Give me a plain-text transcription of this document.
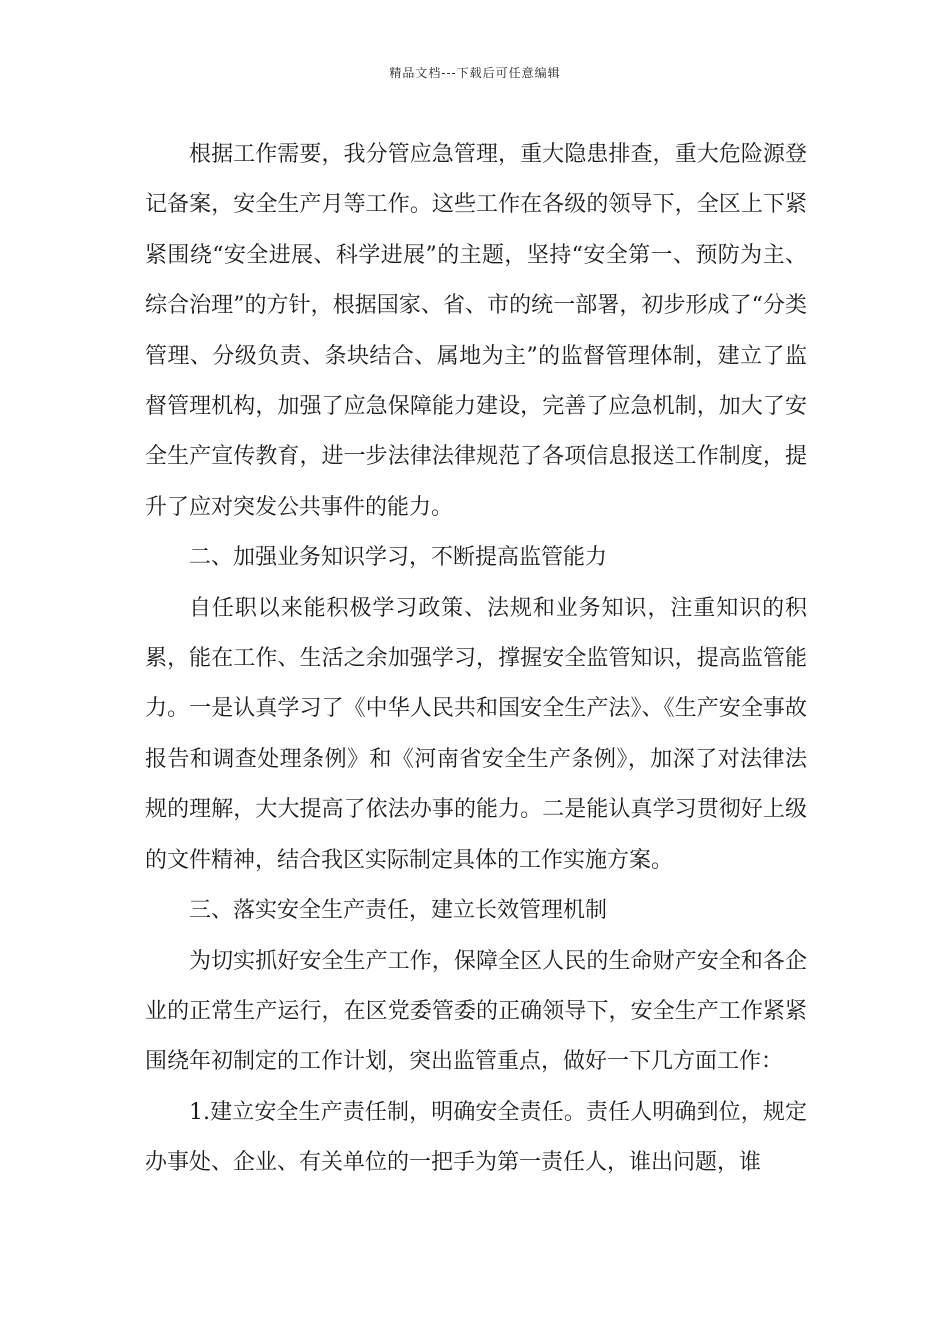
精品文档---下载后可任意编辑

根据工作需要，我分管应急管理，重大隐患排查，重大危险源登记备案，安全生产月等工作。这些工作在各级的领导下，全区上下紧紧围绕“安全进展、科学进展”的主题，坚持“安全第一、预防为主、综合治理”的方针，根据国家、省、市的统一部署，初步形成了“分类管理、分级负责、条块结合、属地为主”的监督管理体制，建立了监督管理机构，加强了应急保障能力建设，完善了应急机制，加大了安全生产宣传教育，进一步法律法律规范了各项信息报送工作制度，提升了应对突发公共事件的能力。

二、加强业务知识学习，不断提高监管能力

自任职以来能积极学习政策、法规和业务知识，注重知识的积累，能在工作、生活之余加强学习，撑握安全监管知识，提高监管能力。一是认真学习了《中华人民共和国安全生产法》、《生产安全事故报告和调查处理条例》和《河南省安全生产条例》，加深了对法律法规的理解，大大提高了依法办事的能力。二是能认真学习贯彻好上级的文件精神，结合我区实际制定具体的工作实施方案。

三、落实安全生产责任，建立长效管理机制

为切实抓好安全生产工作，保障全区人民的生命财产安全和各企业的正常生产运行，在区党委管委的正确领导下，安全生产工作紧紧围绕年初制定的工作计划，突出监管重点，做好一下几方面工作：

1.建立安全生产责任制，明确安全责任。责任人明确到位，规定办事处、企业、有关单位的一把手为第一责任人，谁出问题，谁
